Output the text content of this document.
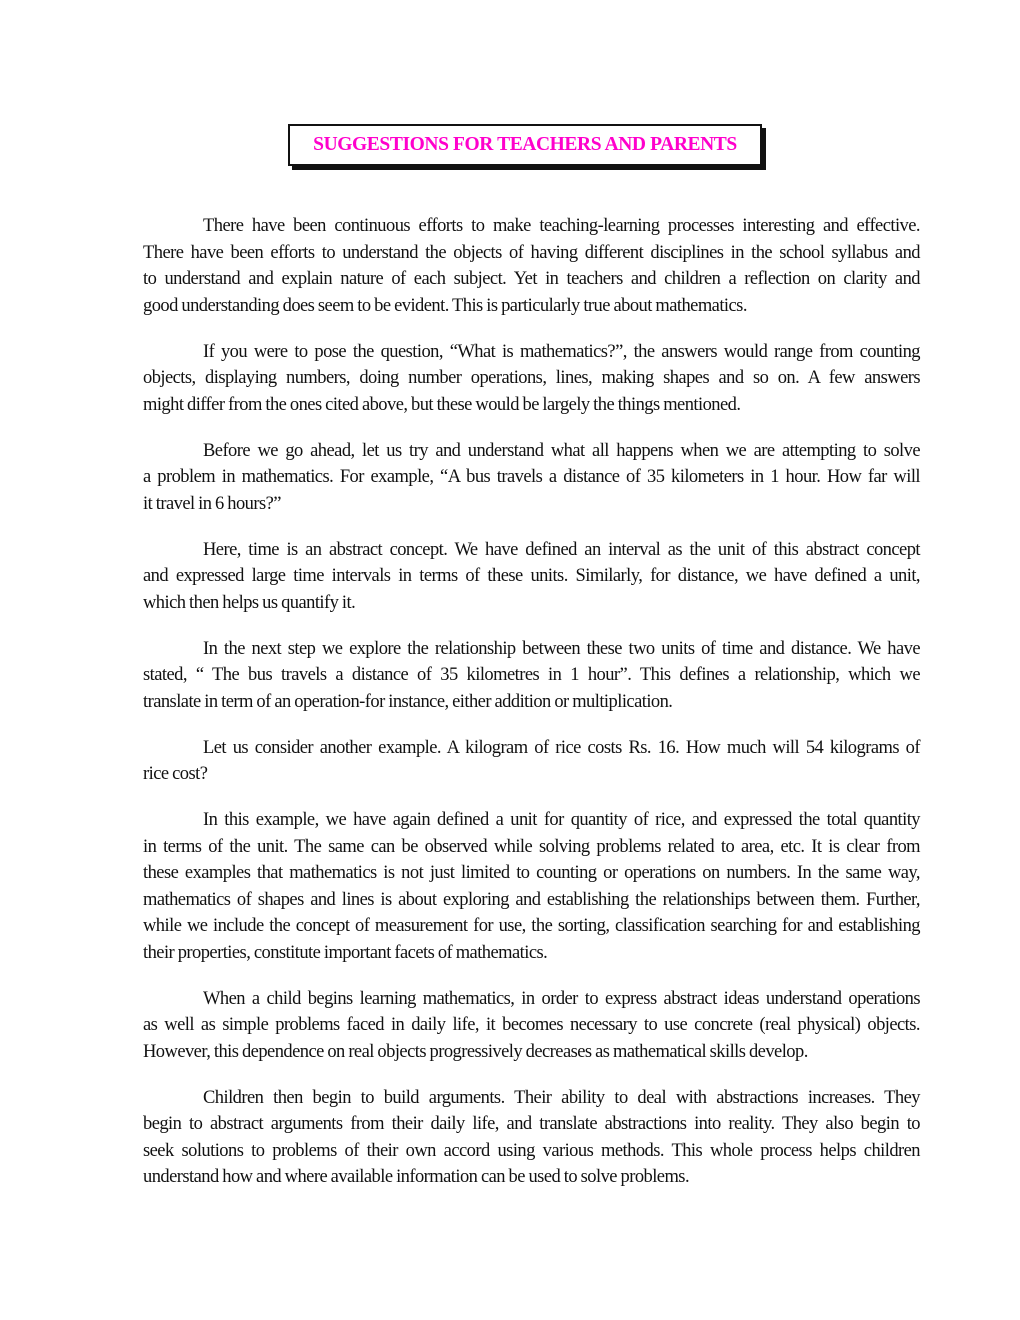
SUGGESTIONS FOR TEACHERS AND PARENTS
There have been continuous efforts to make teaching-learning processes interesting and effective.
There have been efforts to understand the objects of having different disciplines in the school syllabus and
to understand and explain nature of each subject. Yet in teachers and children a reflection on clarity and
good understanding does seem to be evident. This is particularly true about mathematics.
If you were to pose the question, “What is mathematics?”, the answers would range from counting
objects, displaying numbers, doing number operations, lines, making shapes and so on. A few answers
might differ from the ones cited above, but these would be largely the things mentioned.
Before we go ahead, let us try and understand what all happens when we are attempting to solve
a problem in mathematics. For example, “A bus travels a distance of 35 kilometers in 1 hour. How far will
it travel in 6 hours?”
Here, time is an abstract concept. We have defined an interval as the unit of this abstract concept
and expressed large time intervals in terms of these units. Similarly, for distance, we have defined a unit,
which then helps us quantify it.
In the next step we explore the relationship between these two units of time and distance. We have
stated, “ The bus travels a distance of 35 kilometres in 1 hour”. This defines a relationship, which we
translate in term of an operation-for instance, either addition or multiplication.
Let us consider another example. A kilogram of rice costs Rs. 16. How much will 54 kilograms of
rice cost?
In this example, we have again defined a unit for quantity of rice, and expressed the total quantity
in terms of the unit. The same can be observed while solving problems related to area, etc. It is clear from
these examples that mathematics is not just limited to counting or operations on numbers. In the same way,
mathematics of shapes and lines is about exploring and establishing the relationships between them. Further,
while we include the concept of measurement for use, the sorting, classification searching for and establishing
their properties, constitute important facets of mathematics.
When a child begins learning mathematics, in order to express abstract ideas understand operations
as well as simple problems faced in daily life, it becomes necessary to use concrete (real physical) objects.
However, this dependence on real objects progressively decreases as mathematical skills develop.
Children then begin to build arguments. Their ability to deal with abstractions increases. They
begin to abstract arguments from their daily life, and translate abstractions into reality. They also begin to
seek solutions to problems of their own accord using various methods. This whole process helps children
understand how and where available information can be used to solve problems.
